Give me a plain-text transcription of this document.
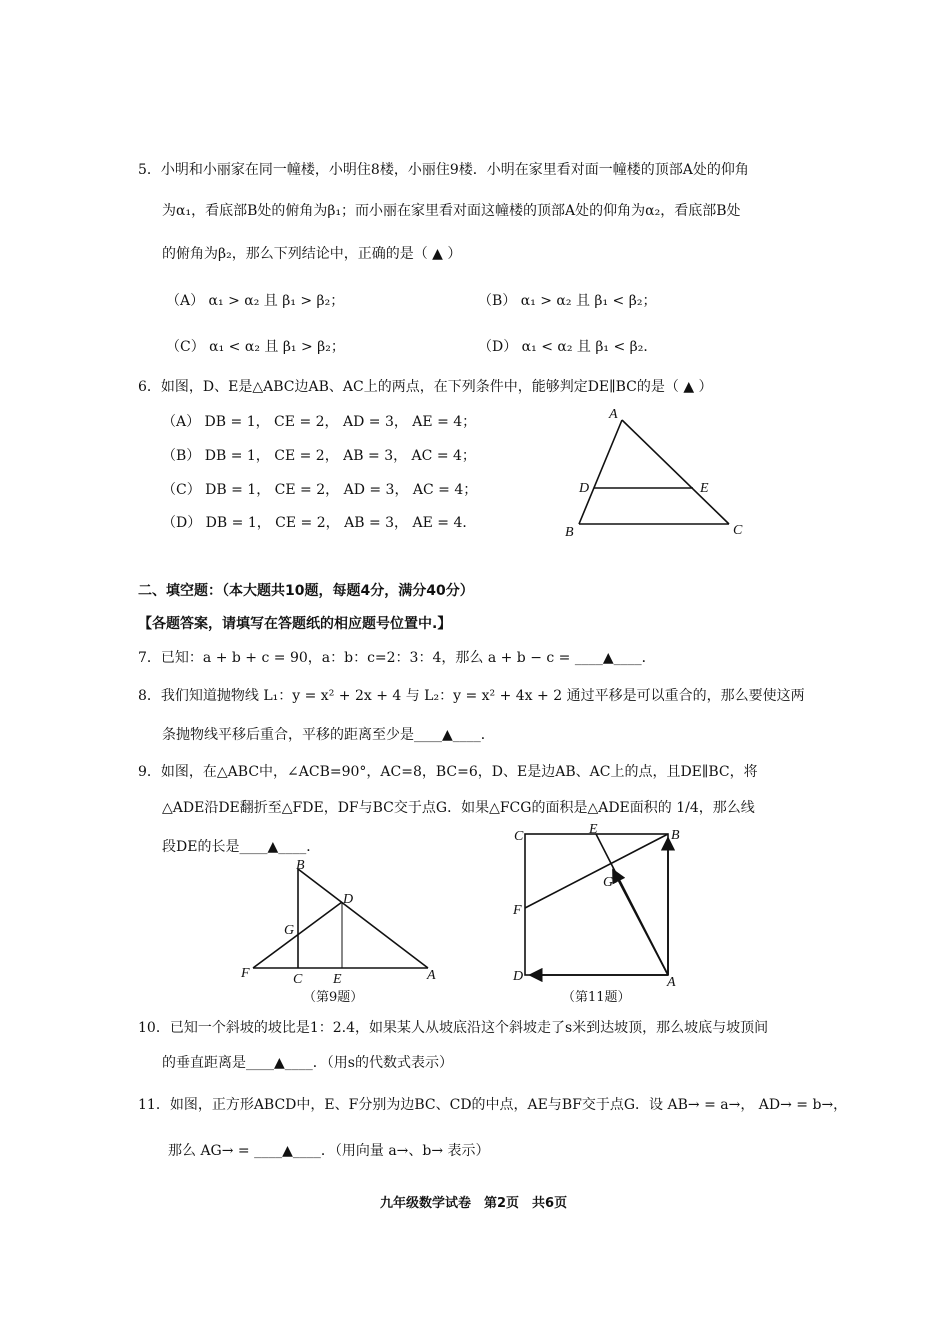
5．小明和小丽家在同一幢楼，小明住8楼，小丽住9楼．小明在家里看对面一幢楼的顶部A处的仰角
为α₁，看底部B处的俯角为β₁；而小丽在家里看对面这幢楼的顶部A处的仰角为α₂，看底部B处
的俯角为β₂，那么下列结论中，正确的是（ ▲ ）
（A） α₁ > α₂ 且 β₁ > β₂；	（B） α₁ > α₂ 且 β₁ < β₂；
（C） α₁ < α₂ 且 β₁ > β₂；	（D） α₁ < α₂ 且 β₁ < β₂．
6．如图，D、E是△ABC边AB、AC上的两点，在下列条件中，能够判定DE∥BC的是（ ▲ ）
（A） DB = 1， CE = 2， AD = 3， AE = 4；
（B） DB = 1， CE = 2， AB = 3， AC = 4；
（C） DB = 1， CE = 2， AD = 3， AC = 4；
（D） DB = 1， CE = 2， AB = 3， AE = 4．
A
D	E
B	C
二、填空题：（本大题共10题，每题4分，满分40分）
【各题答案，请填写在答题纸的相应题号位置中.】
7．已知：a + b + c = 90，a：b：c=2：3：4，那么 a + b − c = ____▲____．
8．我们知道抛物线 L₁：y = x² + 2x + 4 与 L₂：y = x² + 4x + 2 通过平移是可以重合的，那么要使这两
条抛物线平移后重合，平移的距离至少是____▲____．
9．如图，在△ABC中，∠ACB=90°，AC=8，BC=6，D、E是边AB、AC上的点，且DE∥BC，将
△ADE沿DE翻折至△FDE，DF与BC交于点G．如果△FCG的面积是△ADE面积的 1/4，那么线
段DE的长是____▲____．
B
D
G
F	C E	A
（第9题）
C	E	B
G
F
D	A
（第11题）
10．已知一个斜坡的坡比是1：2.4，如果某人从坡底沿这个斜坡走了s米到达坡顶，那么坡底与坡顶间
的垂直距离是____▲____．（用s的代数式表示）
11．如图，正方形ABCD中，E、F分别为边BC、CD的中点，AE与BF交于点G．设 AB→ = a→， AD→ = b→，
那么 AG→ = ____▲____．（用向量 a→、b→ 表示）
九年级数学试卷　第2页　共6页
